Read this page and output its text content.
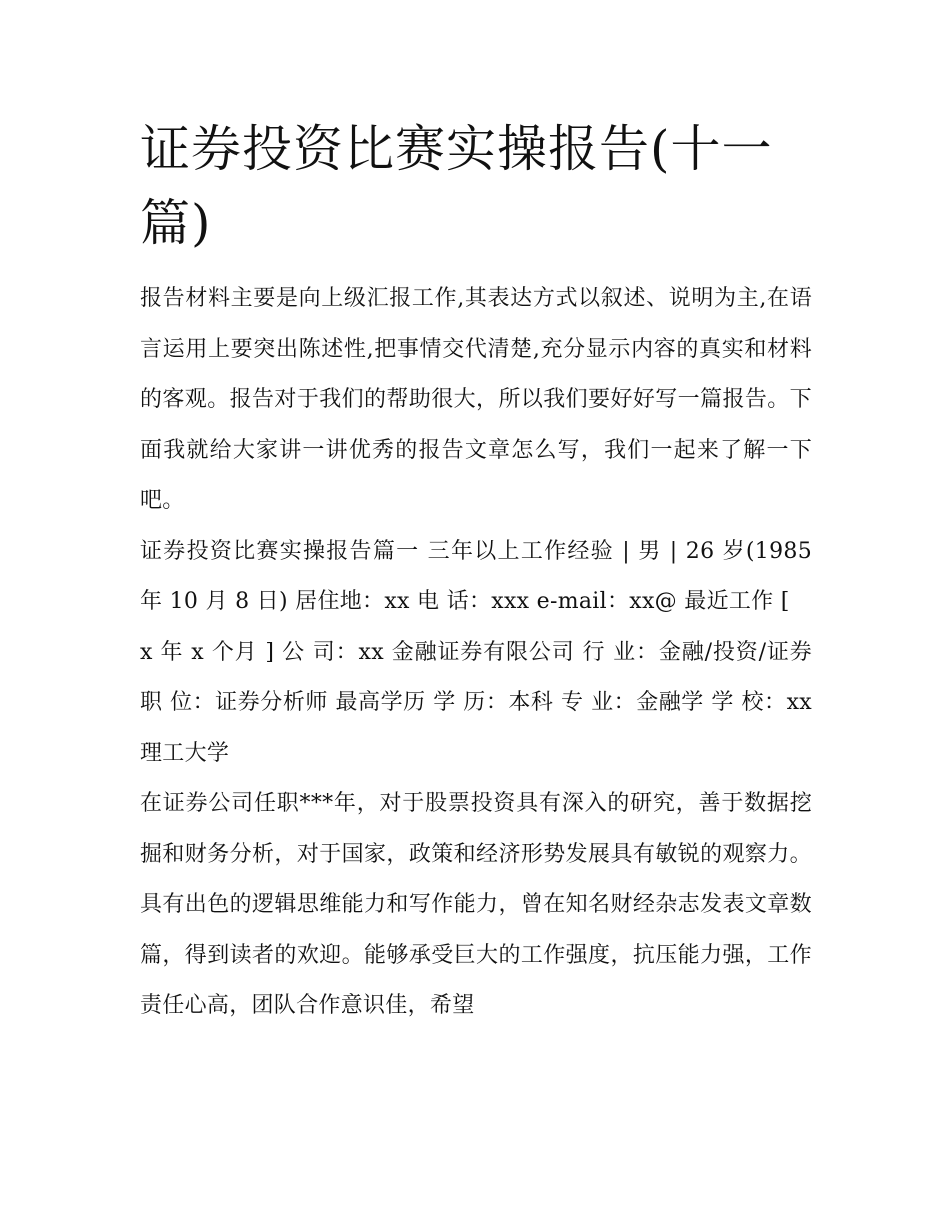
证券投资比赛实操报告(十一篇)

报告材料主要是向上级汇报工作,其表达方式以叙述、说明为主,在语言运用上要突出陈述性,把事情交代清楚,充分显示内容的真实和材料的客观。报告对于我们的帮助很大，所以我们要好好写一篇报告。下面我就给大家讲一讲优秀的报告文章怎么写，我们一起来了解一下吧。

证券投资比赛实操报告篇一 三年以上工作经验 | 男 | 26 岁(1985 年 10 月 8 日) 居住地：xx 电 话：xxx e-mail：xx@ 最近工作 [

x 年 x 个月 ] 公 司：xx 金融证券有限公司 行 业：金融/投资/证券 职 位：证券分析师 最高学历 学 历：本科 专 业：金融学 学 校：xx 理工大学

在证券公司任职***年，对于股票投资具有深入的研究，善于数据挖掘和财务分析，对于国家，政策和经济形势发展具有敏锐的观察力。具有出色的逻辑思维能力和写作能力，曾在知名财经杂志发表文章数篇，得到读者的欢迎。能够承受巨大的工作强度，抗压能力强，工作责任心高，团队合作意识佳，希望
